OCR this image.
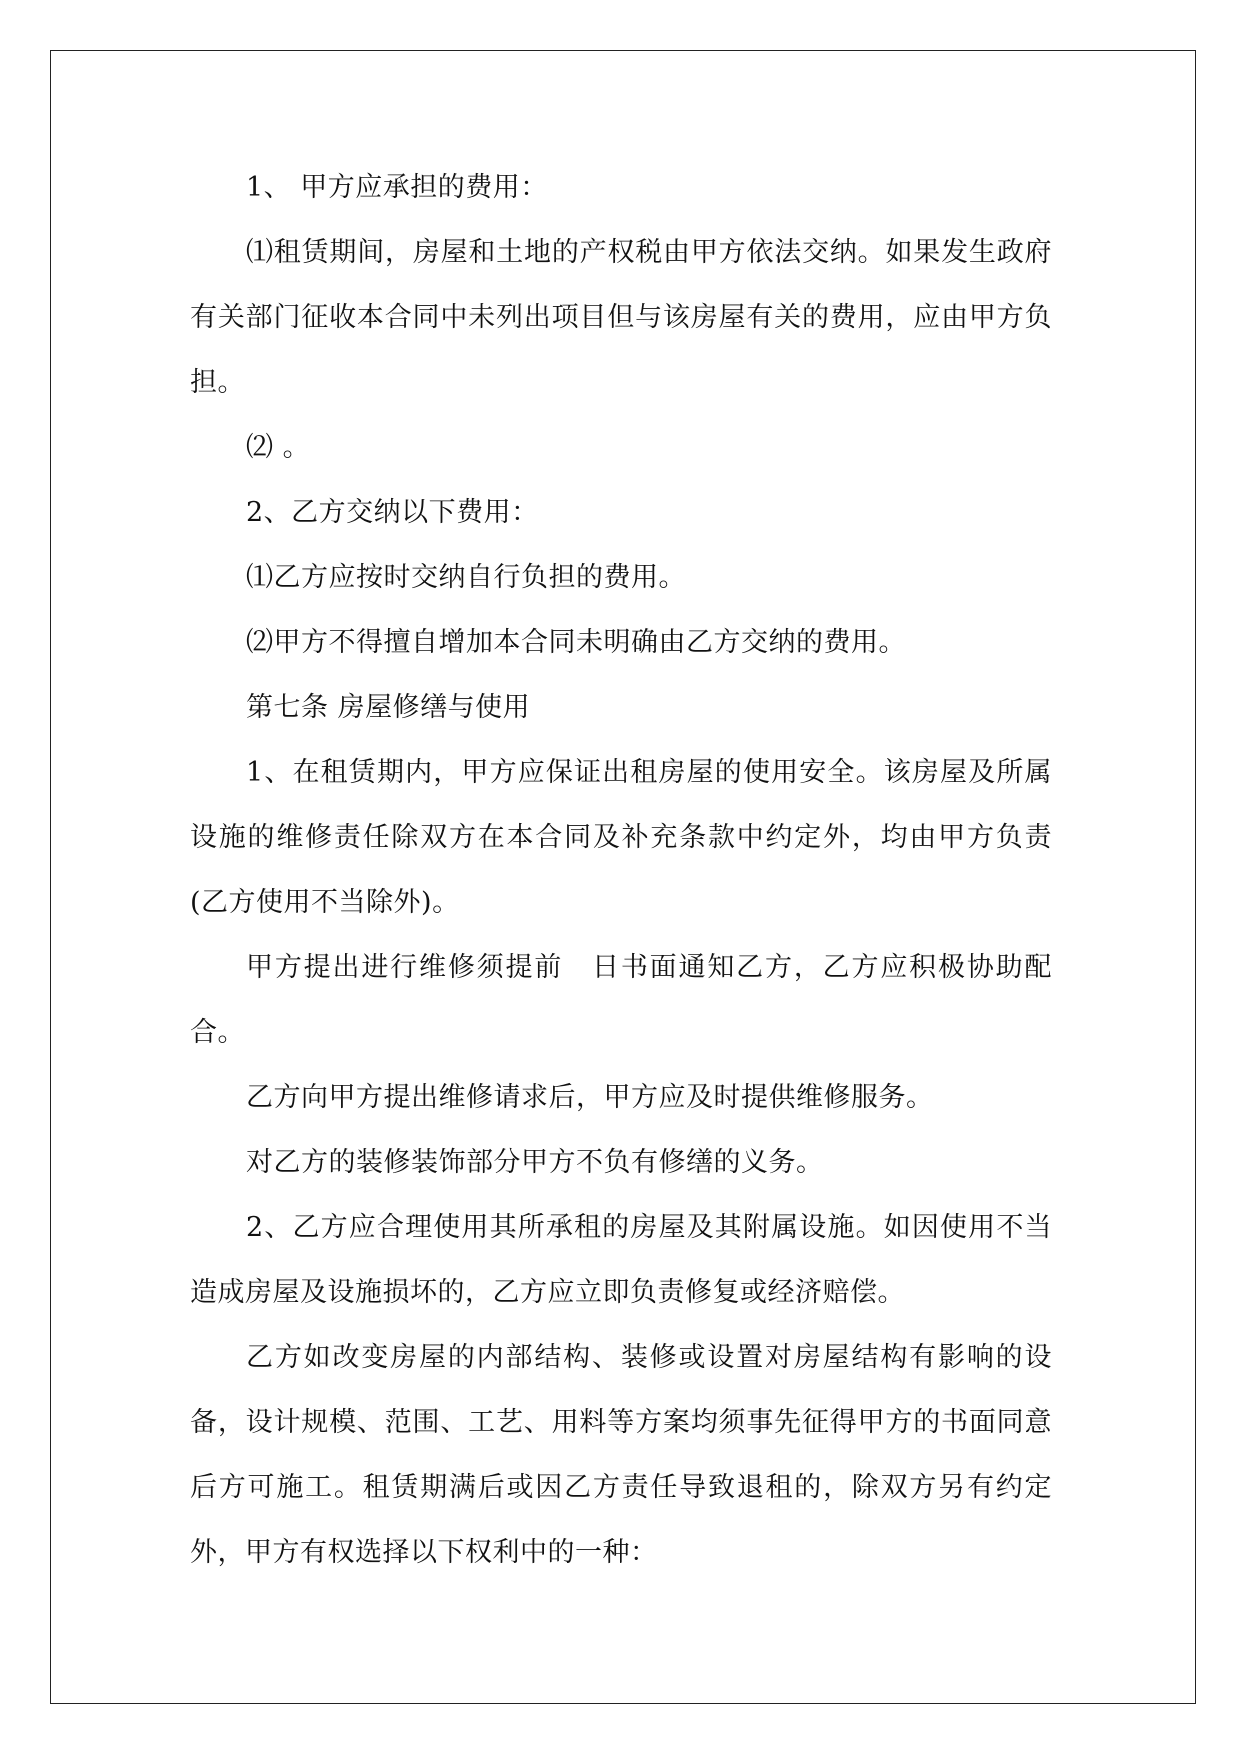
1、 甲方应承担的费用：

⑴租赁期间，房屋和土地的产权税由甲方依法交纳。如果发生政府有关部门征收本合同中未列出项目但与该房屋有关的费用，应由甲方负担。

⑵ 。

2、乙方交纳以下费用：

⑴乙方应按时交纳自行负担的费用。

⑵甲方不得擅自增加本合同未明确由乙方交纳的费用。

第七条 房屋修缮与使用

1、在租赁期内，甲方应保证出租房屋的使用安全。该房屋及所属设施的维修责任除双方在本合同及补充条款中约定外，均由甲方负责(乙方使用不当除外)。

甲方提出进行维修须提前　日书面通知乙方，乙方应积极协助配合。

乙方向甲方提出维修请求后，甲方应及时提供维修服务。

对乙方的装修装饰部分甲方不负有修缮的义务。

2、乙方应合理使用其所承租的房屋及其附属设施。如因使用不当造成房屋及设施损坏的，乙方应立即负责修复或经济赔偿。

乙方如改变房屋的内部结构、装修或设置对房屋结构有影响的设备，设计规模、范围、工艺、用料等方案均须事先征得甲方的书面同意后方可施工。租赁期满后或因乙方责任导致退租的，除双方另有约定外，甲方有权选择以下权利中的一种：
